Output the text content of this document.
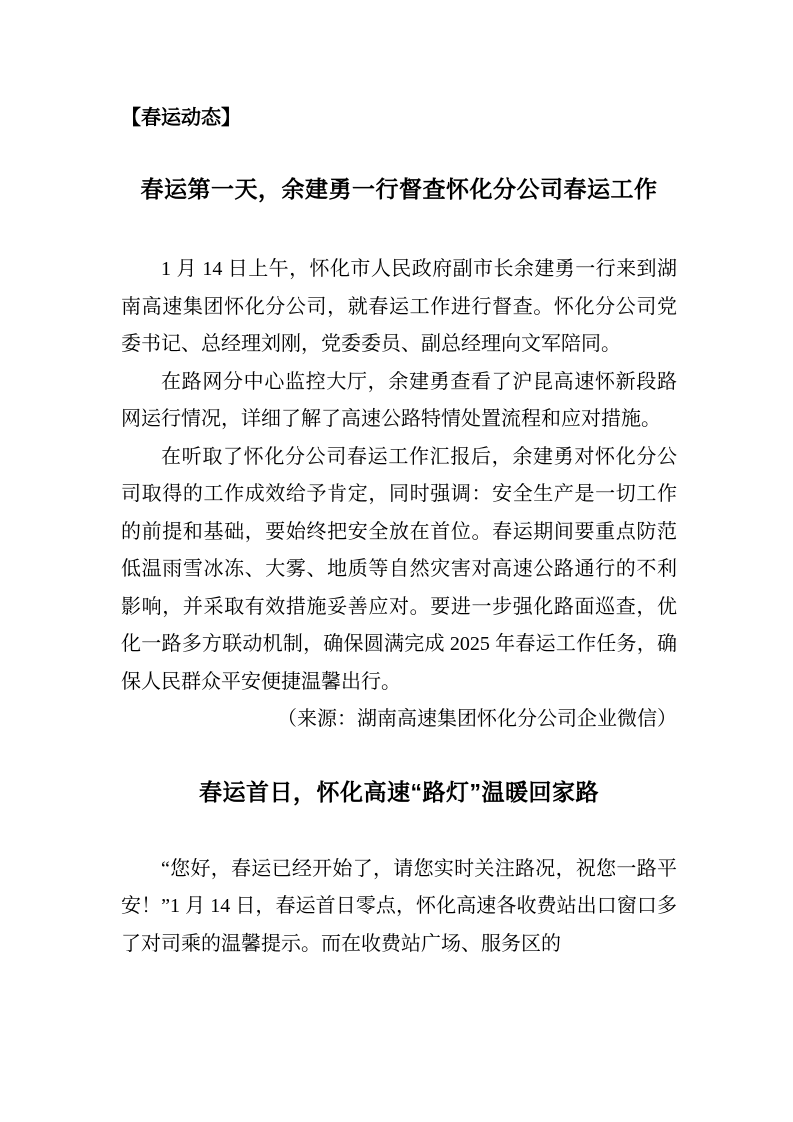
【春运动态】
春运第一天，余建勇一行督查怀化分公司春运工作

1 月 14 日上午，怀化市人民政府副市长余建勇一行来到湖南高速集团怀化分公司，就春运工作进行督查。怀化分公司党委书记、总经理刘刚，党委委员、副总经理向文军陪同。

在路网分中心监控大厅，余建勇查看了沪昆高速怀新段路网运行情况，详细了解了高速公路特情处置流程和应对措施。

在听取了怀化分公司春运工作汇报后，余建勇对怀化分公司取得的工作成效给予肯定，同时强调：安全生产是一切工作的前提和基础，要始终把安全放在首位。春运期间要重点防范低温雨雪冰冻、大雾、地质等自然灾害对高速公路通行的不利影响，并采取有效措施妥善应对。要进一步强化路面巡查，优化一路多方联动机制，确保圆满完成 2025 年春运工作任务，确保人民群众平安便捷温馨出行。

（来源：湖南高速集团怀化分公司企业微信）

春运首日，怀化高速“路灯”温暖回家路

“您好，春运已经开始了，请您实时关注路况，祝您一路平安！”1 月 14 日，春运首日零点，怀化高速各收费站出口窗口多了对司乘的温馨提示。而在收费站广场、服务区的
